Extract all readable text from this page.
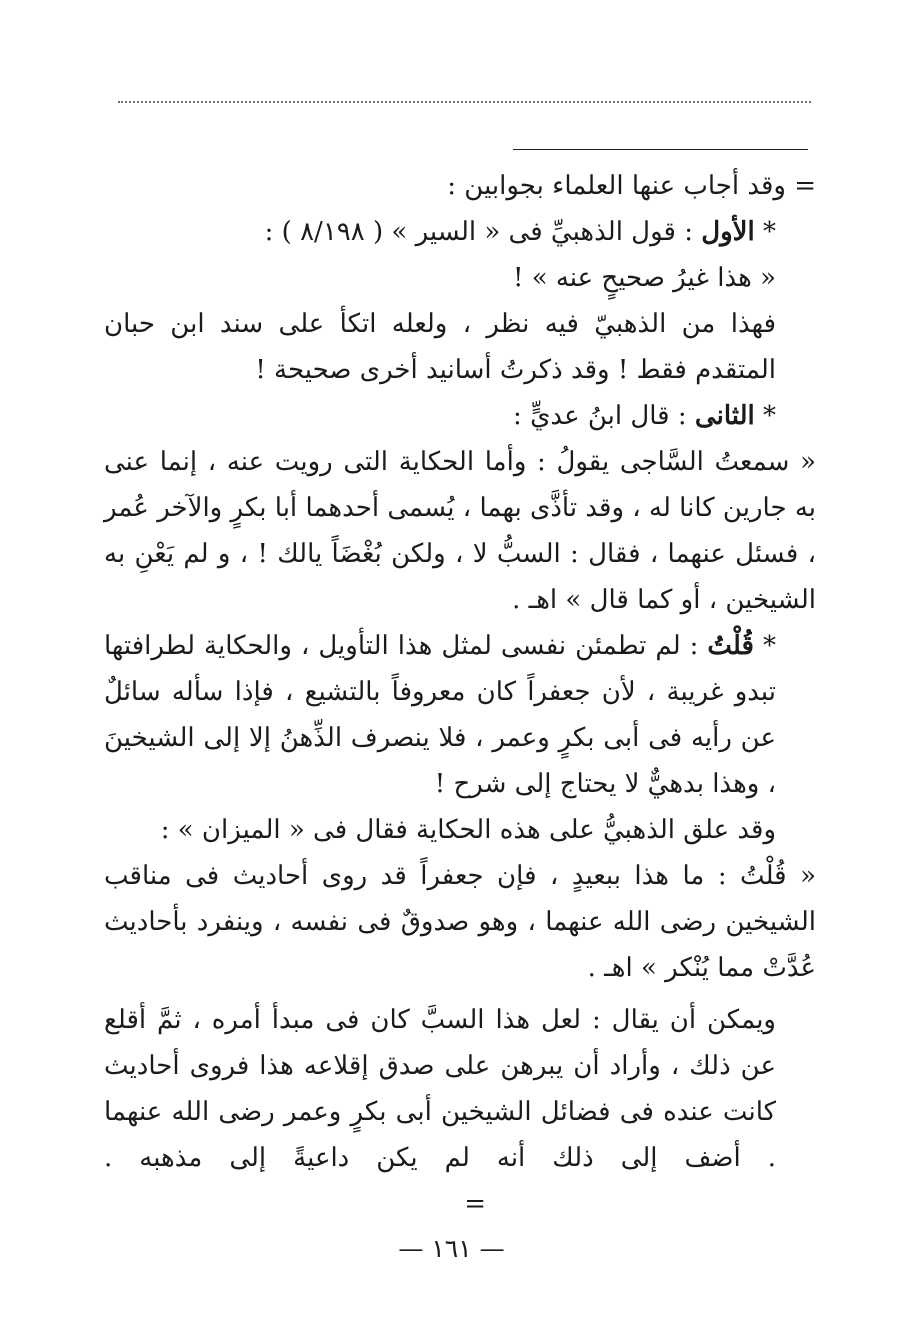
= وقد أجاب عنها العلماء بجوابين :

* الأول : قول الذهبيِّ فى « السير » ( ٨/١٩٨ ) :

« هذا غيرُ صحيحٍ عنه » !

فهذا من الذهبيّ فيه نظر ، ولعله اتكأ على سند ابن حبان المتقدم فقط ! وقد ذكرتُ أسانيد أخرى صحيحة !

* الثانى : قال ابنُ عديٍّ :

« سمعتُ السَّاجى يقولُ : وأما الحكاية التى رويت عنه ، إنما عنى به جارين كانا له ، وقد تأذَّى بهما ، يُسمى أحدهما أبا بكرٍ والآخر عُمر ، فسئل عنهما ، فقال : السبُّ لا ، ولكن بُغْضَاً يالك ! ، و لم يَعْنِ به الشيخين ، أو كما قال » اهـ .

* قُلْتُ : لم تطمئن نفسى لمثل هذا التأويل ، والحكاية لطرافتها تبدو غريبة ، لأن جعفراً كان معروفاً بالتشيع ، فإذا سأله سائلٌ عن رأيه فى أبى بكرٍ وعمر ، فلا ينصرف الذِّهنُ إلا إلى الشيخينَ ، وهذا بدهيٌّ لا يحتاج إلى شرح !

وقد علق الذهبيُّ على هذه الحكاية فقال فى « الميزان » :

« قُلْتُ : ما هذا ببعيدٍ ، فإن جعفراً قد روى أحاديث فى مناقب الشيخين رضى الله عنهما ، وهو صدوقٌ فى نفسه ، وينفرد بأحاديث عُدَّتْ مما يُنْكر » اهـ .

ويمكن أن يقال : لعل هذا السبَّ كان فى مبدأ أمره ، ثمَّ أقلع عن ذلك ، وأراد أن يبرهن على صدق إقلاعه هذا فروى أحاديث كانت عنده فى فضائل الشيخين أبى بكرٍ وعمر رضى الله عنهما . أضف إلى ذلك أنه لم يكن داعيةً إلى مذهبه .=

— ١٦١ —
